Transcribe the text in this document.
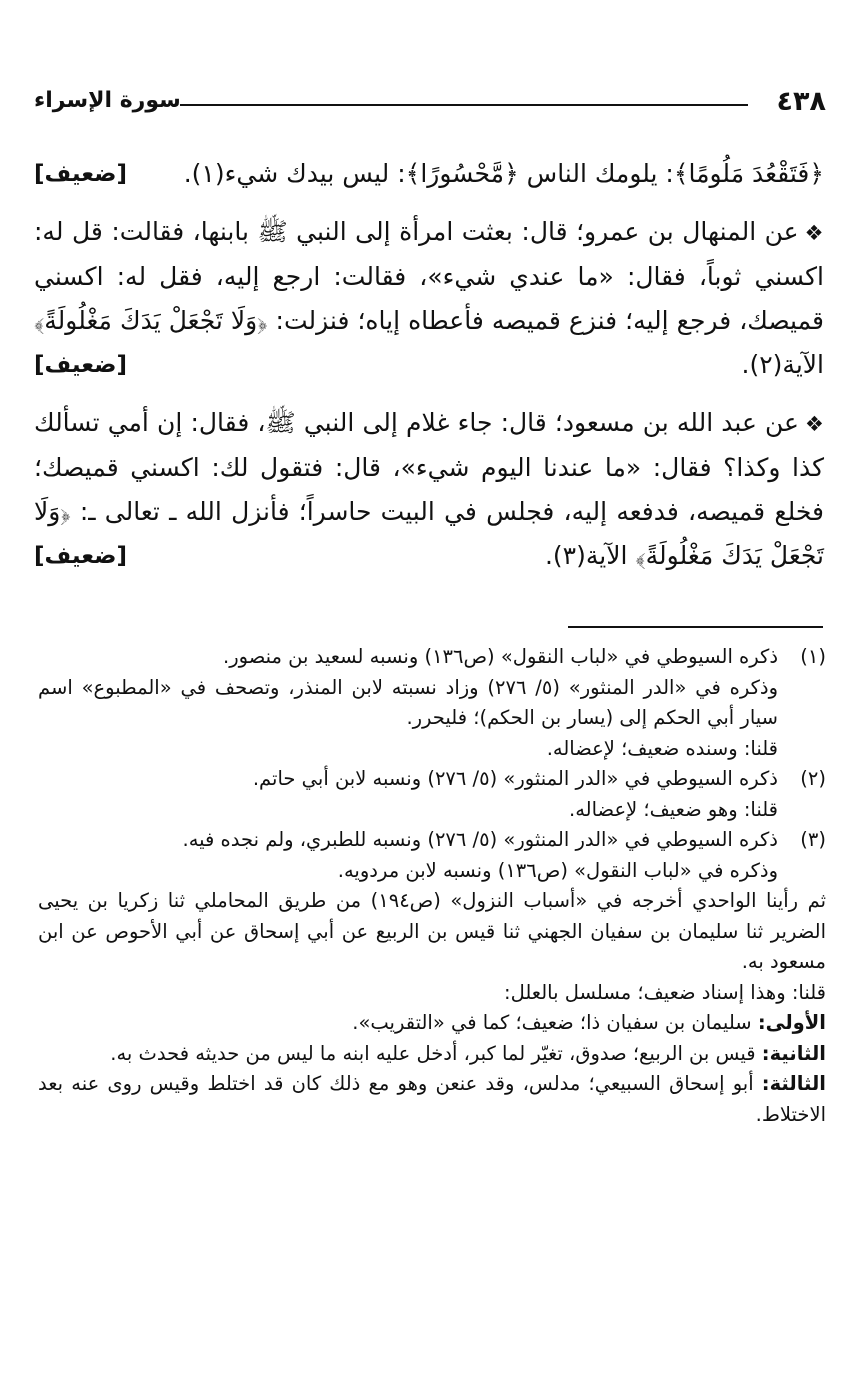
٤٣٨
سورة الإسراء

[ضعيف] ﴿فَتَقْعُدَ مَلُومًا﴾: يلومك الناس ﴿مَّحْسُورًا﴾: ليس بيدك شيء(١).

❖عن المنهال بن عمرو؛ قال: بعثت امرأة إلى النبي ﷺ بابنها، فقالت: قل له: اكسني ثوباً، فقال: «ما عندي شيء»، فقالت: ارجع إليه، فقل له: اكسني قميصك، فرجع إليه؛ فنزع قميصه فأعطاه إياه؛ فنزلت: ﴿وَلَا تَجْعَلْ يَدَكَ مَغْلُولَةً﴾ الآية(٢).
[ضعيف]

❖عن عبد الله بن مسعود؛ قال: جاء غلام إلى النبي ﷺ، فقال: إن أمي تسألك كذا وكذا؟ فقال: «ما عندنا اليوم شيء»، قال: فتقول لك: اكسني قميصك؛ فخلع قميصه، فدفعه إليه، فجلس في البيت حاسراً؛ فأنزل الله ـ تعالى ـ: ﴿وَلَا تَجْعَلْ يَدَكَ مَغْلُولَةً﴾ الآية(٣).
[ضعيف]

(١)
ذكره السيوطي في «لباب النقول» (ص١٣٦) ونسبه لسعيد بن منصور.
وذكره في «الدر المنثور» (٥/ ٢٧٦) وزاد نسبته لابن المنذر، وتصحف في «المطبوع» اسم سيار أبي الحكم إلى (يسار بن الحكم)؛ فليحرر.
قلنا: وسنده ضعيف؛ لإعضاله.
(٢)
ذكره السيوطي في «الدر المنثور» (٥/ ٢٧٦) ونسبه لابن أبي حاتم.
قلنا: وهو ضعيف؛ لإعضاله.
(٣)
ذكره السيوطي في «الدر المنثور» (٥/ ٢٧٦) ونسبه للطبري، ولم نجده فيه.
وذكره في «لباب النقول» (ص١٣٦) ونسبه لابن مردويه.
ثم رأينا الواحدي أخرجه في «أسباب النزول» (ص١٩٤) من طريق المحاملي ثنا زكريا بن يحيى الضرير ثنا سليمان بن سفيان الجهني ثنا قيس بن الربيع عن أبي إسحاق عن أبي الأحوص عن ابن مسعود به.
قلنا: وهذا إسناد ضعيف؛ مسلسل بالعلل:
الأولى: سليمان بن سفيان ذا؛ ضعيف؛ كما في «التقريب».
الثانية: قيس بن الربيع؛ صدوق، تغيّر لما كبر، أدخل عليه ابنه ما ليس من حديثه فحدث به.
الثالثة: أبو إسحاق السبيعي؛ مدلس، وقد عنعن وهو مع ذلك كان قد اختلط وقيس روى عنه بعد الاختلاط.
